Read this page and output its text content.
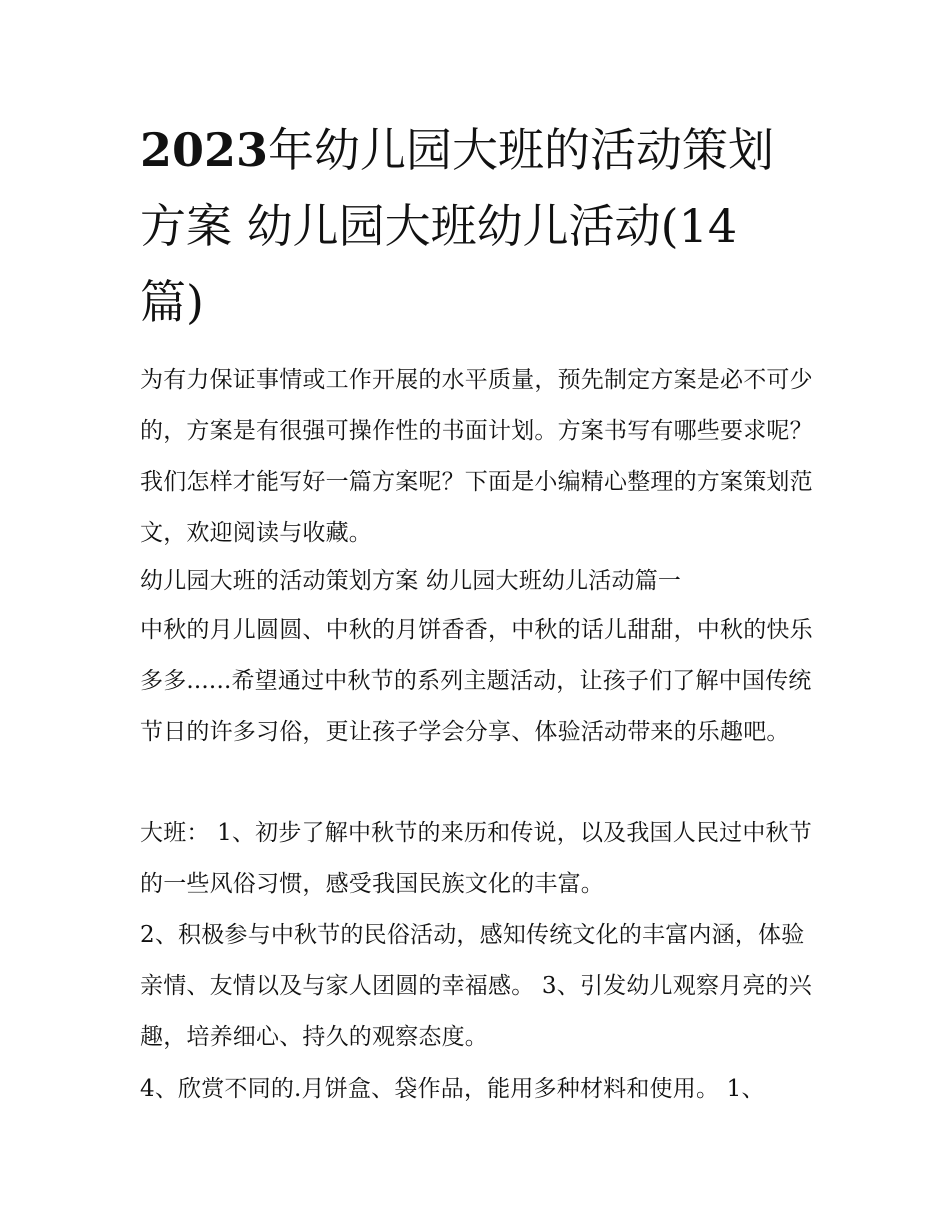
2023年幼儿园大班的活动策划
方案 幼儿园大班幼儿活动(14
篇)

为有力保证事情或工作开展的水平质量，预先制定方案是必不可少的，方案是有很强可操作性的书面计划。方案书写有哪些要求呢？我们怎样才能写好一篇方案呢？下面是小编精心整理的方案策划范文，欢迎阅读与收藏。

幼儿园大班的活动策划方案 幼儿园大班幼儿活动篇一

中秋的月儿圆圆、中秋的月饼香香，中秋的话儿甜甜，中秋的快乐多多......希望通过中秋节的系列主题活动，让孩子们了解中国传统节日的许多习俗，更让孩子学会分享、体验活动带来的乐趣吧。

大班： 1、初步了解中秋节的来历和传说，以及我国人民过中秋节的一些风俗习惯，感受我国民族文化的丰富。

2、积极参与中秋节的民俗活动，感知传统文化的丰富内涵，体验亲情、友情以及与家人团圆的幸福感。 3、引发幼儿观察月亮的兴趣，培养细心、持久的观察态度。

4、欣赏不同的.月饼盒、袋作品，能用多种材料和使用。 1、
